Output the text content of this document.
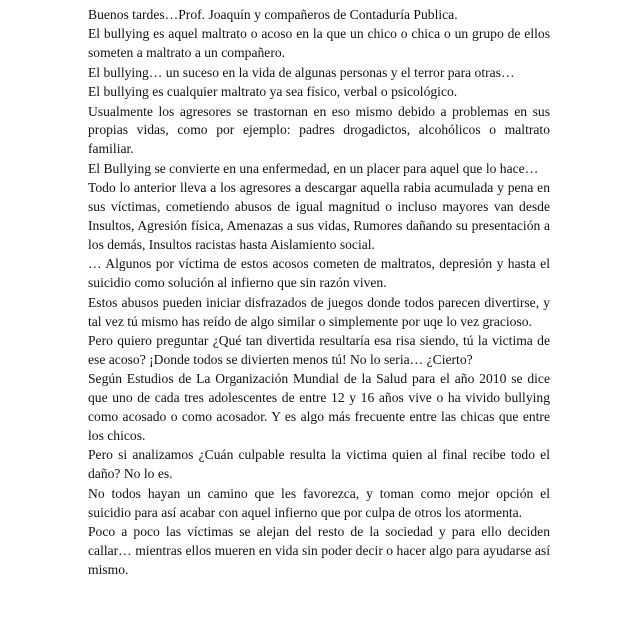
Buenos tardes…Prof. Joaquín y compañeros de Contaduría Publica.

El bullying es aquel maltrato o acoso en la que un chico o chica o un grupo de ellos someten a maltrato a un compañero.

El bullying… un suceso en la vida de algunas personas y el terror para otras…

El bullying es cualquier maltrato ya sea físico, verbal o psicológico.

Usualmente los agresores se trastornan en eso mismo debido a problemas en sus propias vidas, como por ejemplo: padres drogadictos, alcohólicos o maltrato familiar.

El Bullying se convierte en una enfermedad, en un placer para aquel que lo hace…

Todo lo anterior lleva a los agresores a descargar aquella rabia acumulada y pena en sus víctimas, cometiendo abusos de igual magnitud o incluso mayores van desde Insultos, Agresión física, Amenazas a sus vidas, Rumores dañando su presentación a los demás, Insultos racistas hasta Aislamiento social.

… Algunos por víctima de estos acosos cometen de maltratos, depresión y hasta el suicidio como solución al infierno que sin razón viven.

Estos abusos pueden iniciar disfrazados de juegos donde todos parecen divertirse, y tal vez tú mismo has reído de algo similar o simplemente por uqe lo vez gracioso.

Pero quiero preguntar ¿Qué tan divertida resultaría esa risa siendo, tú la victima de ese acoso? ¡Donde todos se divierten menos tú! No lo seria… ¿Cierto?

Según Estudios de La Organización Mundial de la Salud para el año 2010 se dice que uno de cada tres adolescentes de entre 12 y 16 años vive o ha vivido bullying como acosado o como acosador. Y es algo más frecuente entre las chicas que entre los chicos.

Pero si analizamos ¿Cuán culpable resulta la victima quien al final recibe todo el daño? No lo es.

No todos hayan un camino que les favorezca, y toman como mejor opción el suicidio para así acabar con aquel infierno que por culpa de otros los atormenta.

Poco a poco las víctimas se alejan del resto de la sociedad y para ello deciden callar… mientras ellos mueren en vida sin poder decir o hacer algo para ayudarse así mismo.
